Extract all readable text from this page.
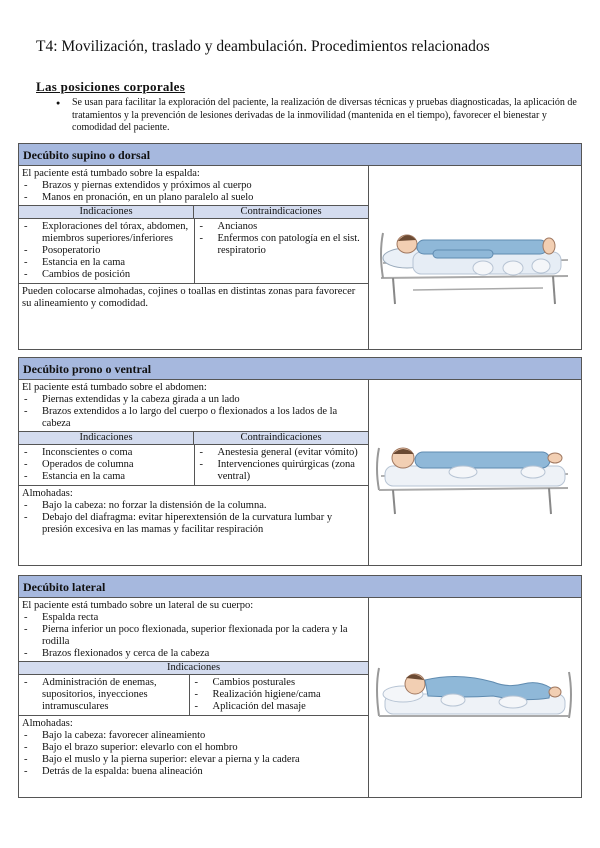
T4: Movilización, traslado y deambulación. Procedimientos relacionados
Las posiciones corporales

● Se usan para facilitar la exploración del paciente, la realización de diversas técnicas y pruebas diagnosticadas, la aplicación de tratamientos y la prevención de lesiones derivadas de la inmovilidad (mantenida en el tiempo), favorecer el bienestar y comodidad del paciente.

Decúbito supino o dorsal
El paciente está tumbado sobre la espalda:
- Brazos y piernas extendidos y próximos al cuerpo
- Manos en pronación, en un plano paralelo al suelo
Indicaciones	Contraindicaciones
- Exploraciones del tórax, abdomen, miembros superiores/inferiores
- Posoperatorio
- Estancia en la cama
- Cambios de posición
- Ancianos
- Enfermos con patología en el sist. respiratorio
Pueden colocarse almohadas, cojines o toallas en distintas zonas para favorecer su alineamiento y comodidad.
Decúbito prono o ventral
El paciente está tumbado sobre el abdomen:
- Piernas extendidas y la cabeza girada a un lado
- Brazos extendidos a lo largo del cuerpo o flexionados a los lados de la cabeza
Indicaciones	Contraindicaciones
- Inconscientes o coma
- Operados de columna
- Estancia en la cama
- Anestesia general (evitar vómito)
- Intervenciones quirúrgicas (zona ventral)
Almohadas:
- Bajo la cabeza: no forzar la distensión de la columna.
- Debajo del diafragma: evitar hiperextensión de la curvatura lumbar y presión excesiva en las mamas y facilitar respiración
Decúbito lateral
El paciente está tumbado sobre un lateral de su cuerpo:
- Espalda recta
- Pierna inferior un poco flexionada, superior flexionada por la cadera y la rodilla
- Brazos flexionados y cerca de la cabeza
Indicaciones
- Administración de enemas, supositorios, inyecciones intramusculares
- Cambios posturales
- Realización higiene/cama
- Aplicación del masaje
Almohadas:
- Bajo la cabeza: favorecer alineamiento
- Bajo el brazo superior: elevarlo con el hombro
- Bajo el muslo y la pierna superior: elevar a pierna y la cadera
- Detrás de la espalda: buena alineación
